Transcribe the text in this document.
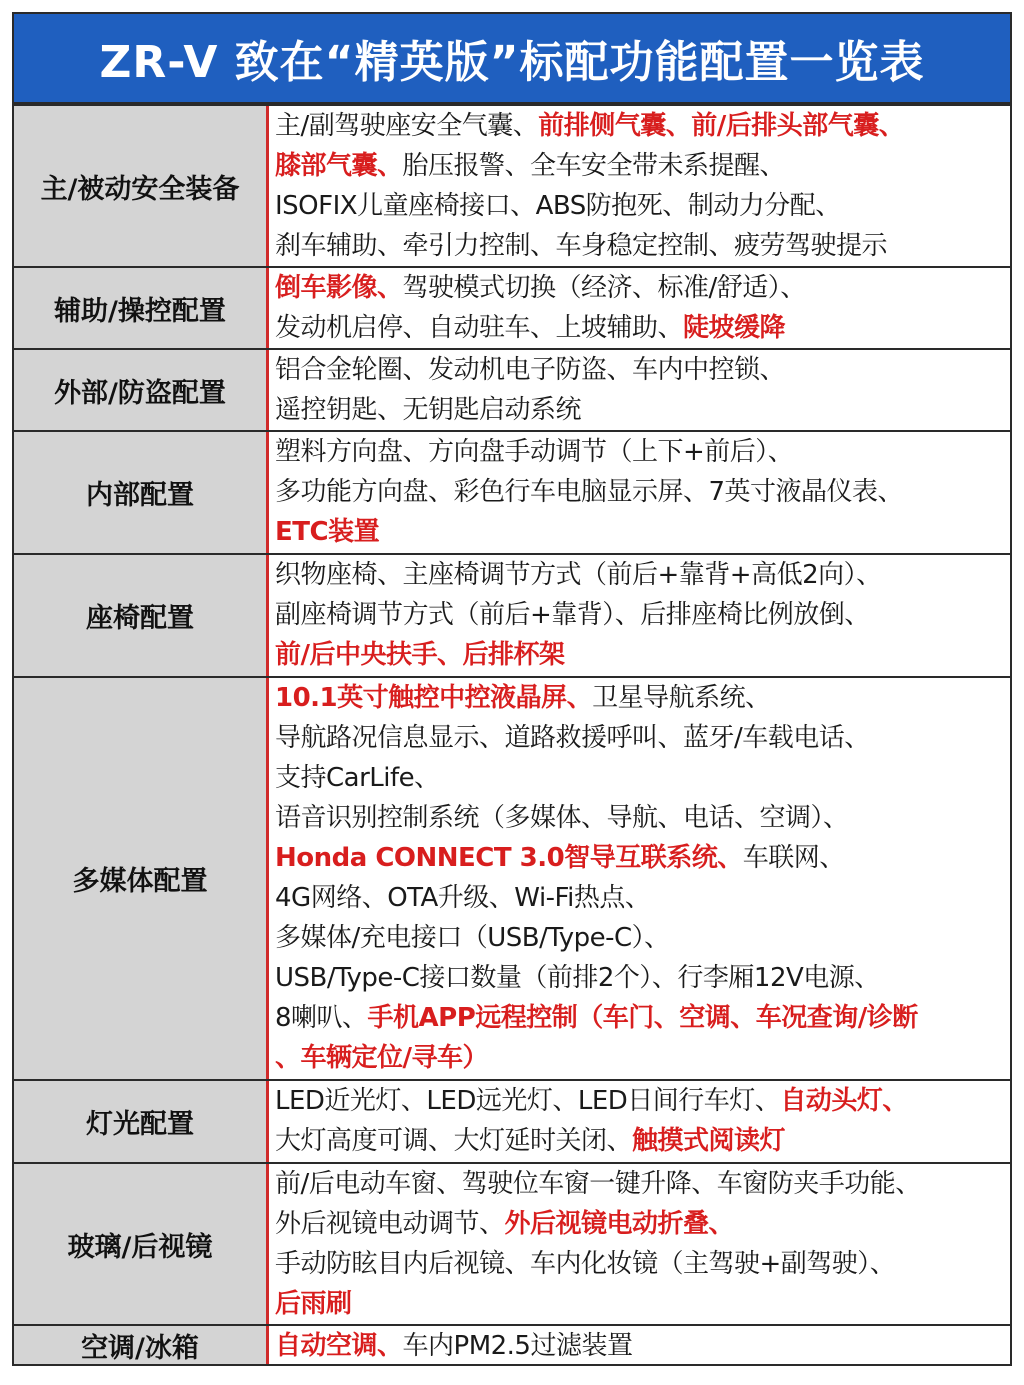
ZR-V 致在“精英版”标配功能配置一览表
主/被动安全装备
主/副驾驶座安全气囊、前排侧气囊、前/后排头部气囊、
膝部气囊、胎压报警、全车安全带未系提醒、
ISOFIX儿童座椅接口、ABS防抱死、制动力分配、
刹车辅助、牵引力控制、车身稳定控制、疲劳驾驶提示
辅助/操控配置
倒车影像、驾驶模式切换（经济、标准/舒适）、
发动机启停、自动驻车、上坡辅助、陡坡缓降
外部/防盗配置
铝合金轮圈、发动机电子防盗、车内中控锁、
遥控钥匙、无钥匙启动系统
内部配置
塑料方向盘、方向盘手动调节（上下+前后）、
多功能方向盘、彩色行车电脑显示屏、7英寸液晶仪表、
ETC装置
座椅配置
织物座椅、主座椅调节方式（前后+靠背+高低2向）、
副座椅调节方式（前后+靠背）、后排座椅比例放倒、
前/后中央扶手、后排杯架
多媒体配置
10.1英寸触控中控液晶屏、卫星导航系统、
导航路况信息显示、道路救援呼叫、蓝牙/车载电话、
支持CarLife、
语音识别控制系统（多媒体、导航、电话、空调）、
Honda CONNECT 3.0智导互联系统、车联网、
4G网络、OTA升级、Wi-Fi热点、
多媒体/充电接口（USB/Type-C）、
USB/Type-C接口数量（前排2个）、行李厢12V电源、
8喇叭、手机APP远程控制（车门、空调、车况查询/诊断
、车辆定位/寻车）
灯光配置
LED近光灯、LED远光灯、LED日间行车灯、自动头灯、
大灯高度可调、大灯延时关闭、触摸式阅读灯
玻璃/后视镜
前/后电动车窗、驾驶位车窗一键升降、车窗防夹手功能、
外后视镜电动调节、外后视镜电动折叠、
手动防眩目内后视镜、车内化妆镜（主驾驶+副驾驶）、
后雨刷
空调/冰箱	自动空调、车内PM2.5过滤装置
